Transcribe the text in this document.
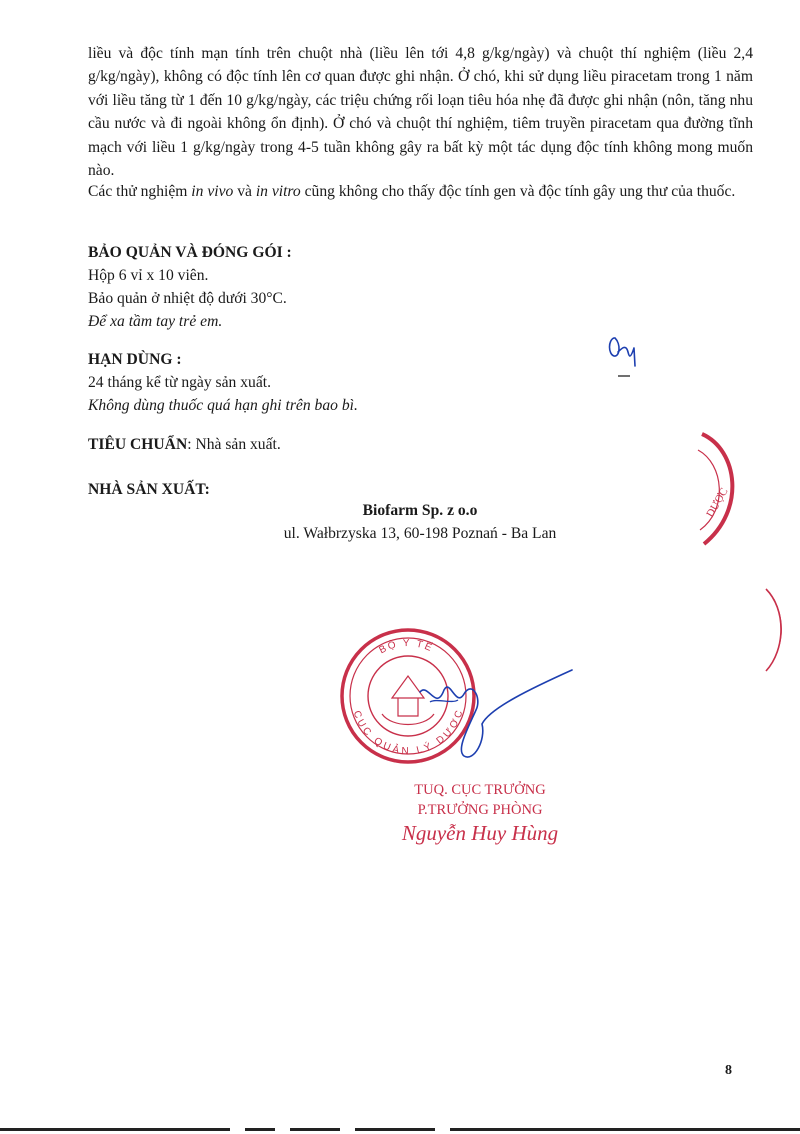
liều và độc tính mạn tính trên chuột nhà (liều lên tới 4,8 g/kg/ngày) và chuột thí nghiệm (liều 2,4 g/kg/ngày), không có độc tính lên cơ quan được ghi nhận. Ở chó, khi sử dụng liều piracetam trong 1 năm với liều tăng từ 1 đến 10 g/kg/ngày, các triệu chứng rối loạn tiêu hóa nhẹ đã được ghi nhận (nôn, tăng nhu cầu nước và đi ngoài không ổn định). Ở chó và chuột thí nghiệm, tiêm truyền piracetam qua đường tĩnh mạch với liều 1 g/kg/ngày trong 4-5 tuần không gây ra bất kỳ một tác dụng độc tính không mong muốn nào.
Các thử nghiệm in vivo và in vitro cũng không cho thấy độc tính gen và độc tính gây ung thư của thuốc.
BẢO QUẢN VÀ ĐÓNG GÓI :
Hộp 6 vỉ x 10 viên.
Bảo quản ở nhiệt độ dưới 30°C.
Để xa tầm tay trẻ em.
HẠN DÙNG :
24 tháng kể từ ngày sản xuất.
Không dùng thuốc quá hạn ghi trên bao bì.
TIÊU CHUẨN: Nhà sản xuất.
NHÀ SẢN XUẤT:
Biofarm Sp. z o.o
ul. Wałbrzyska 13, 60-198 Poznań - Ba Lan
DƯỢC
BỘ Y TẾ
CỤC QUẢN LÝ DƯỢC
TUQ. CỤC TRƯỞNG
P.TRƯỞNG PHÒNG
Nguyễn Huy Hùng
8
